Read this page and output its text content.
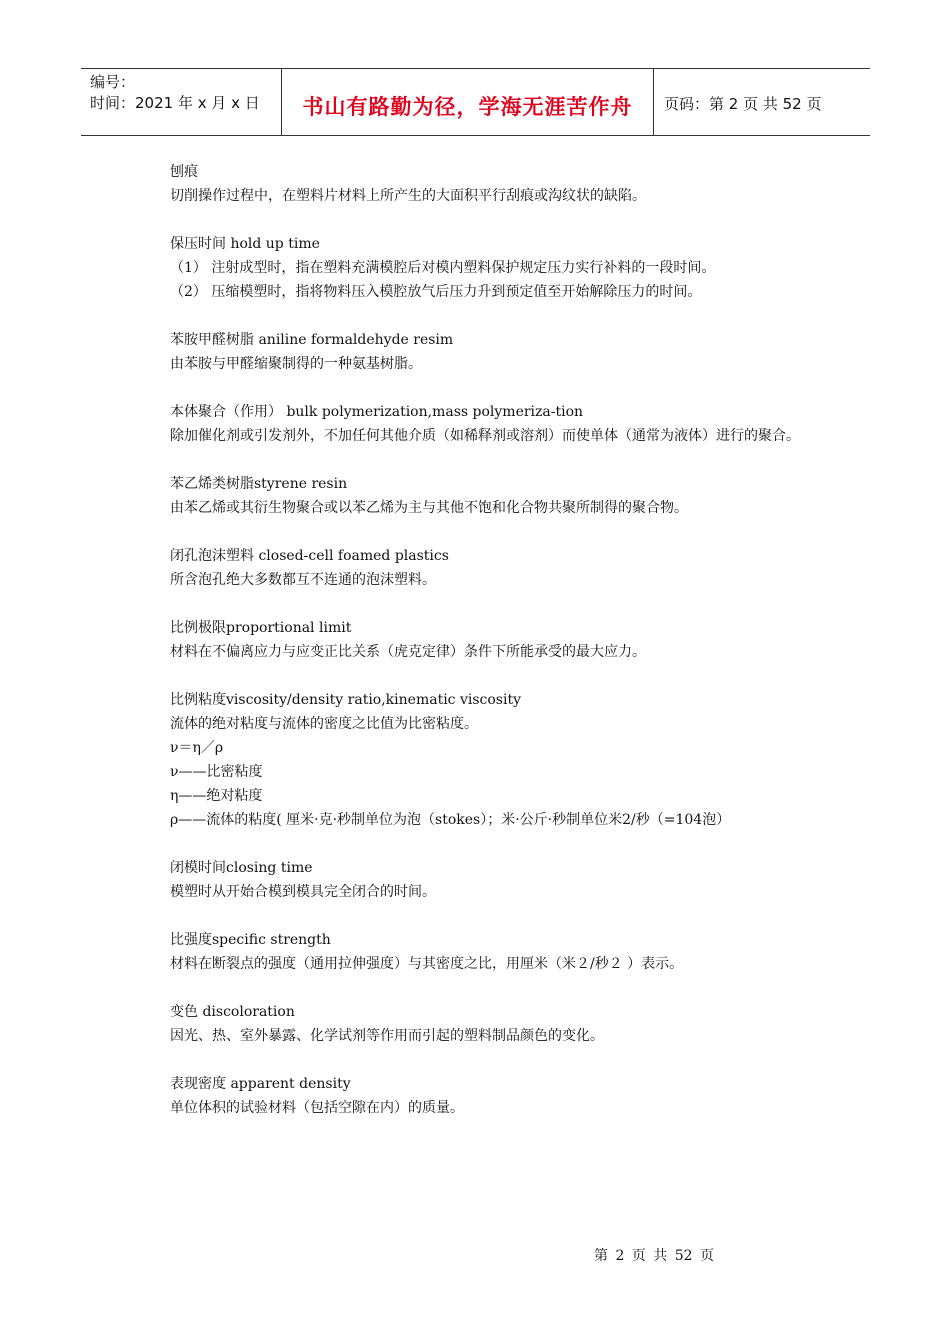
编号：
时间：2021 年 x 月 x 日	书山有路勤为径，学海无涯苦作舟	页码：第 2 页 共 52 页

刨痕

切削操作过程中，在塑料片材料上所产生的大面积平行刮痕或沟纹状的缺陷。

保压时间 hold up time

（1） 注射成型时，指在塑料充满模腔后对模内塑料保护规定压力实行补料的一段时间。

（2） 压缩模塑时，指将物料压入模腔放气后压力升到预定值至开始解除压力的时间。

苯胺甲醛树脂 aniline formaldehyde resim

由苯胺与甲醛缩聚制得的一种氨基树脂。

本体聚合（作用） bulk polymerization,mass polymeriza-tion

除加催化剂或引发剂外，不加任何其他介质（如稀释剂或溶剂）而使单体（通常为液体）进行的聚合。

苯乙烯类树脂styrene resin

由苯乙烯或其衍生物聚合或以苯乙烯为主与其他不饱和化合物共聚所制得的聚合物。

闭孔泡沫塑料 closed-cell foamed plastics

所含泡孔绝大多数都互不连通的泡沫塑料。

比例极限proportional limit

材料在不偏离应力与应变正比关系（虎克定律）条件下所能承受的最大应力。

比例粘度viscosity/density ratio,kinematic viscosity

流体的绝对粘度与流体的密度之比值为比密粘度。

ν＝η／ρ

ν——比密粘度

η——绝对粘度

ρ——流体的粘度( 厘米·克·秒制单位为泡（stokes）；米·公斤·秒制单位米2/秒（=104泡）

闭模时间closing time

模塑时从开始合模到模具完全闭合的时间。

比强度specific strength

材料在断裂点的强度（通用拉伸强度）与其密度之比，用厘米（米２/秒２ ）表示。

变色 discoloration

因光、热、室外暴露、化学试剂等作用而引起的塑料制品颜色的变化。

表现密度 apparent density

单位体积的试验材料（包括空隙在内）的质量。

第 2 页 共 52 页
